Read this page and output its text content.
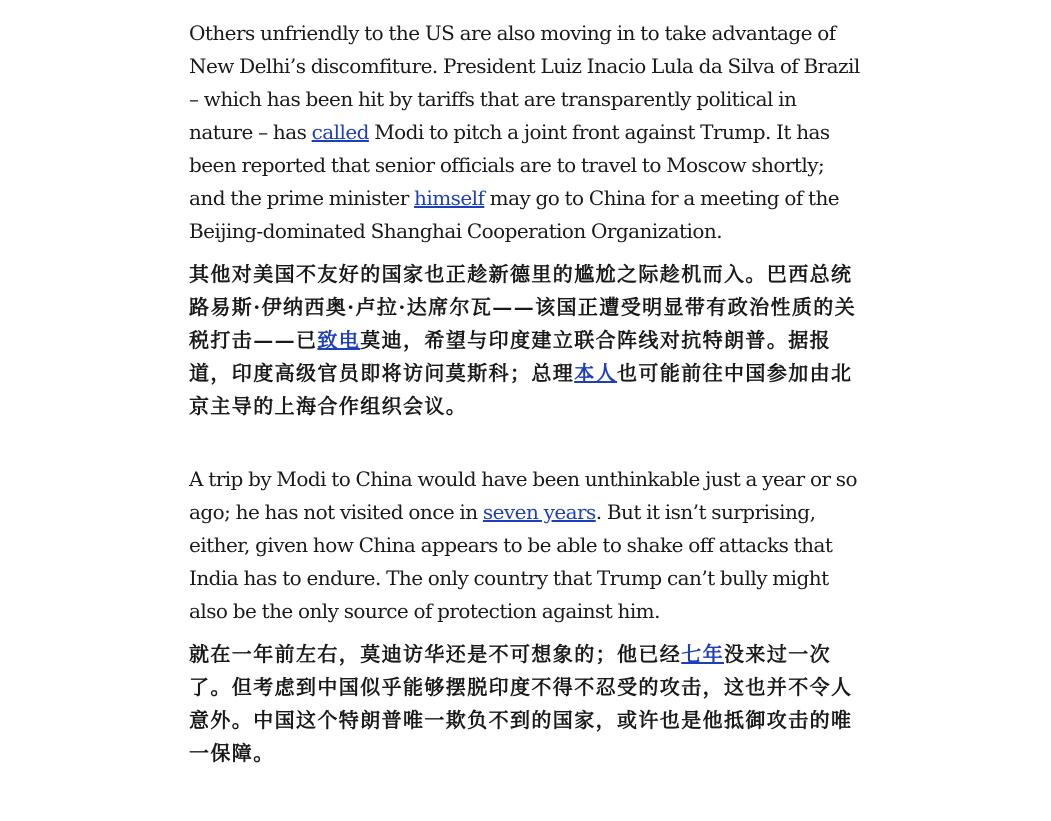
Others unfriendly to the US are also moving in to take advantage of New Delhi’s discomfiture. President Luiz Inacio Lula da Silva of Brazil – which has been hit by tariffs that are transparently political in nature – has called Modi to pitch a joint front against Trump. It has been reported that senior officials are to travel to Moscow shortly; and the prime minister himself may go to China for a meeting of the Beijing-dominated Shanghai Cooperation Organization.

其他对美国不友好的国家也正趁新德里的尴尬之际趁机而入。巴西总统路易斯·伊纳西奥·卢拉·达席尔瓦——该国正遭受明显带有政治性质的关税打击——已致电莫迪，希望与印度建立联合阵线对抗特朗普。据报道，印度高级官员即将访问莫斯科；总理本人也可能前往中国参加由北京主导的上海合作组织会议。

A trip by Modi to China would have been unthinkable just a year or so ago; he has not visited once in seven years. But it isn’t surprising, either, given how China appears to be able to shake off attacks that India has to endure. The only country that Trump can’t bully might also be the only source of protection against him.

就在一年前左右，莫迪访华还是不可想象的；他已经七年没来过一次了。但考虑到中国似乎能够摆脱印度不得不忍受的攻击，这也并不令人意外。中国这个特朗普唯一欺负不到的国家，或许也是他抵御攻击的唯一保障。
